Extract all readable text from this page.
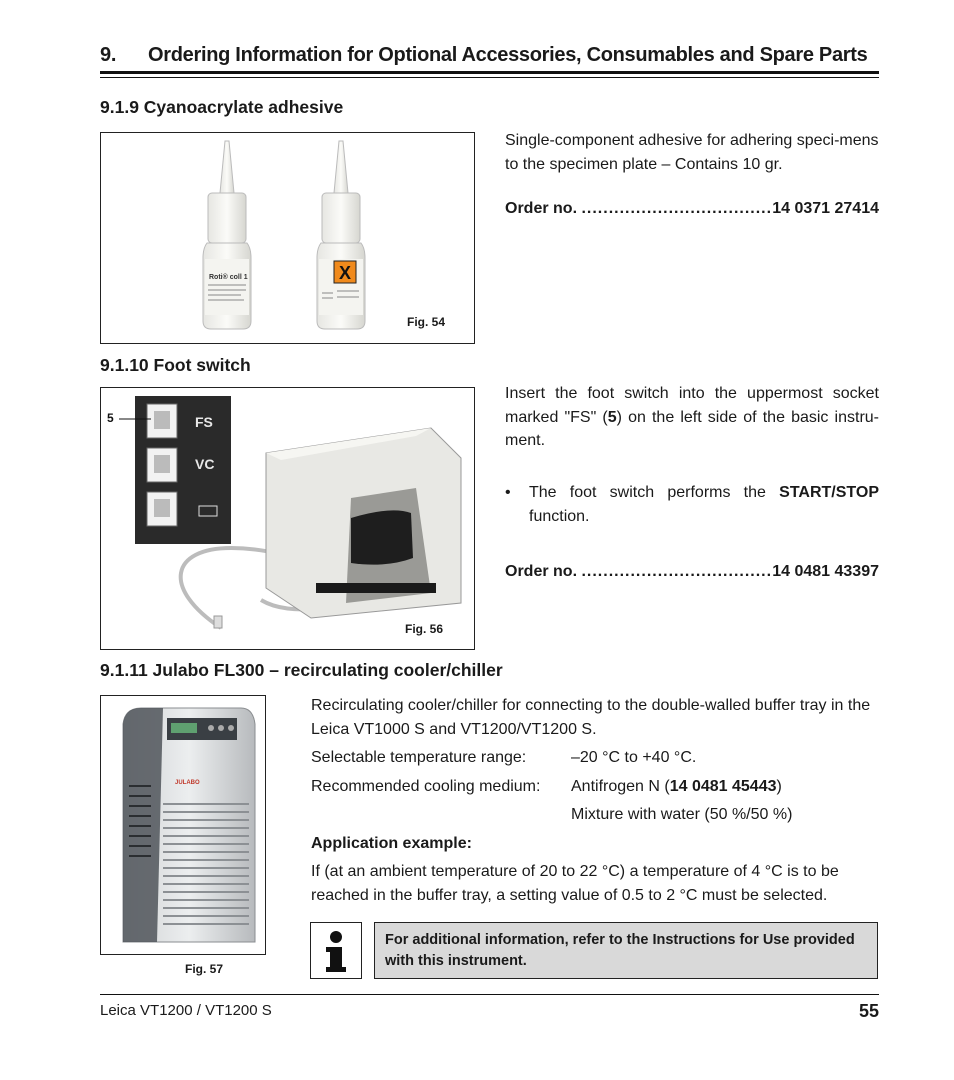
9. Ordering Information for Optional Accessories, Consumables and Spare Parts
9.1.9 Cyanoacrylate adhesive
Roti® coll 1	X
Fig. 54
Single-component adhesive for adhering speci-mens to the specimen plate – Contains 10 gr.
Order no.
.....	14 0371 27414
9.1.10 Foot switch
FS
VC
5
Fig. 56
Insert the foot switch into the uppermost socket marked "FS" (5) on the left side of the basic instru-ment.
• The foot switch performs the START/STOP function.
Order no.
.....	14 0481 43397
9.1.11 Julabo FL300 – recirculating cooler/chiller
JULABO
Fig. 57
Recirculating cooler/chiller for connecting to the double-walled buffer tray in the Leica VT1000 S and VT1200/VT1200 S.
Selectable temperature range:	–20 °C to +40 °C.
Recommended cooling medium: Antifrogen N (14 0481 45443)
Mixture with water (50 %/50 %)
Application example:
If (at an ambient temperature of 20 to 22 °C) a temperature of 4 °C is to be reached in the buffer tray, a setting value of 0.5 to 2 °C must be selected.
For additional information, refer to the Instructions for Use provided with this instrument.
Leica VT1200 / VT1200 S	55
